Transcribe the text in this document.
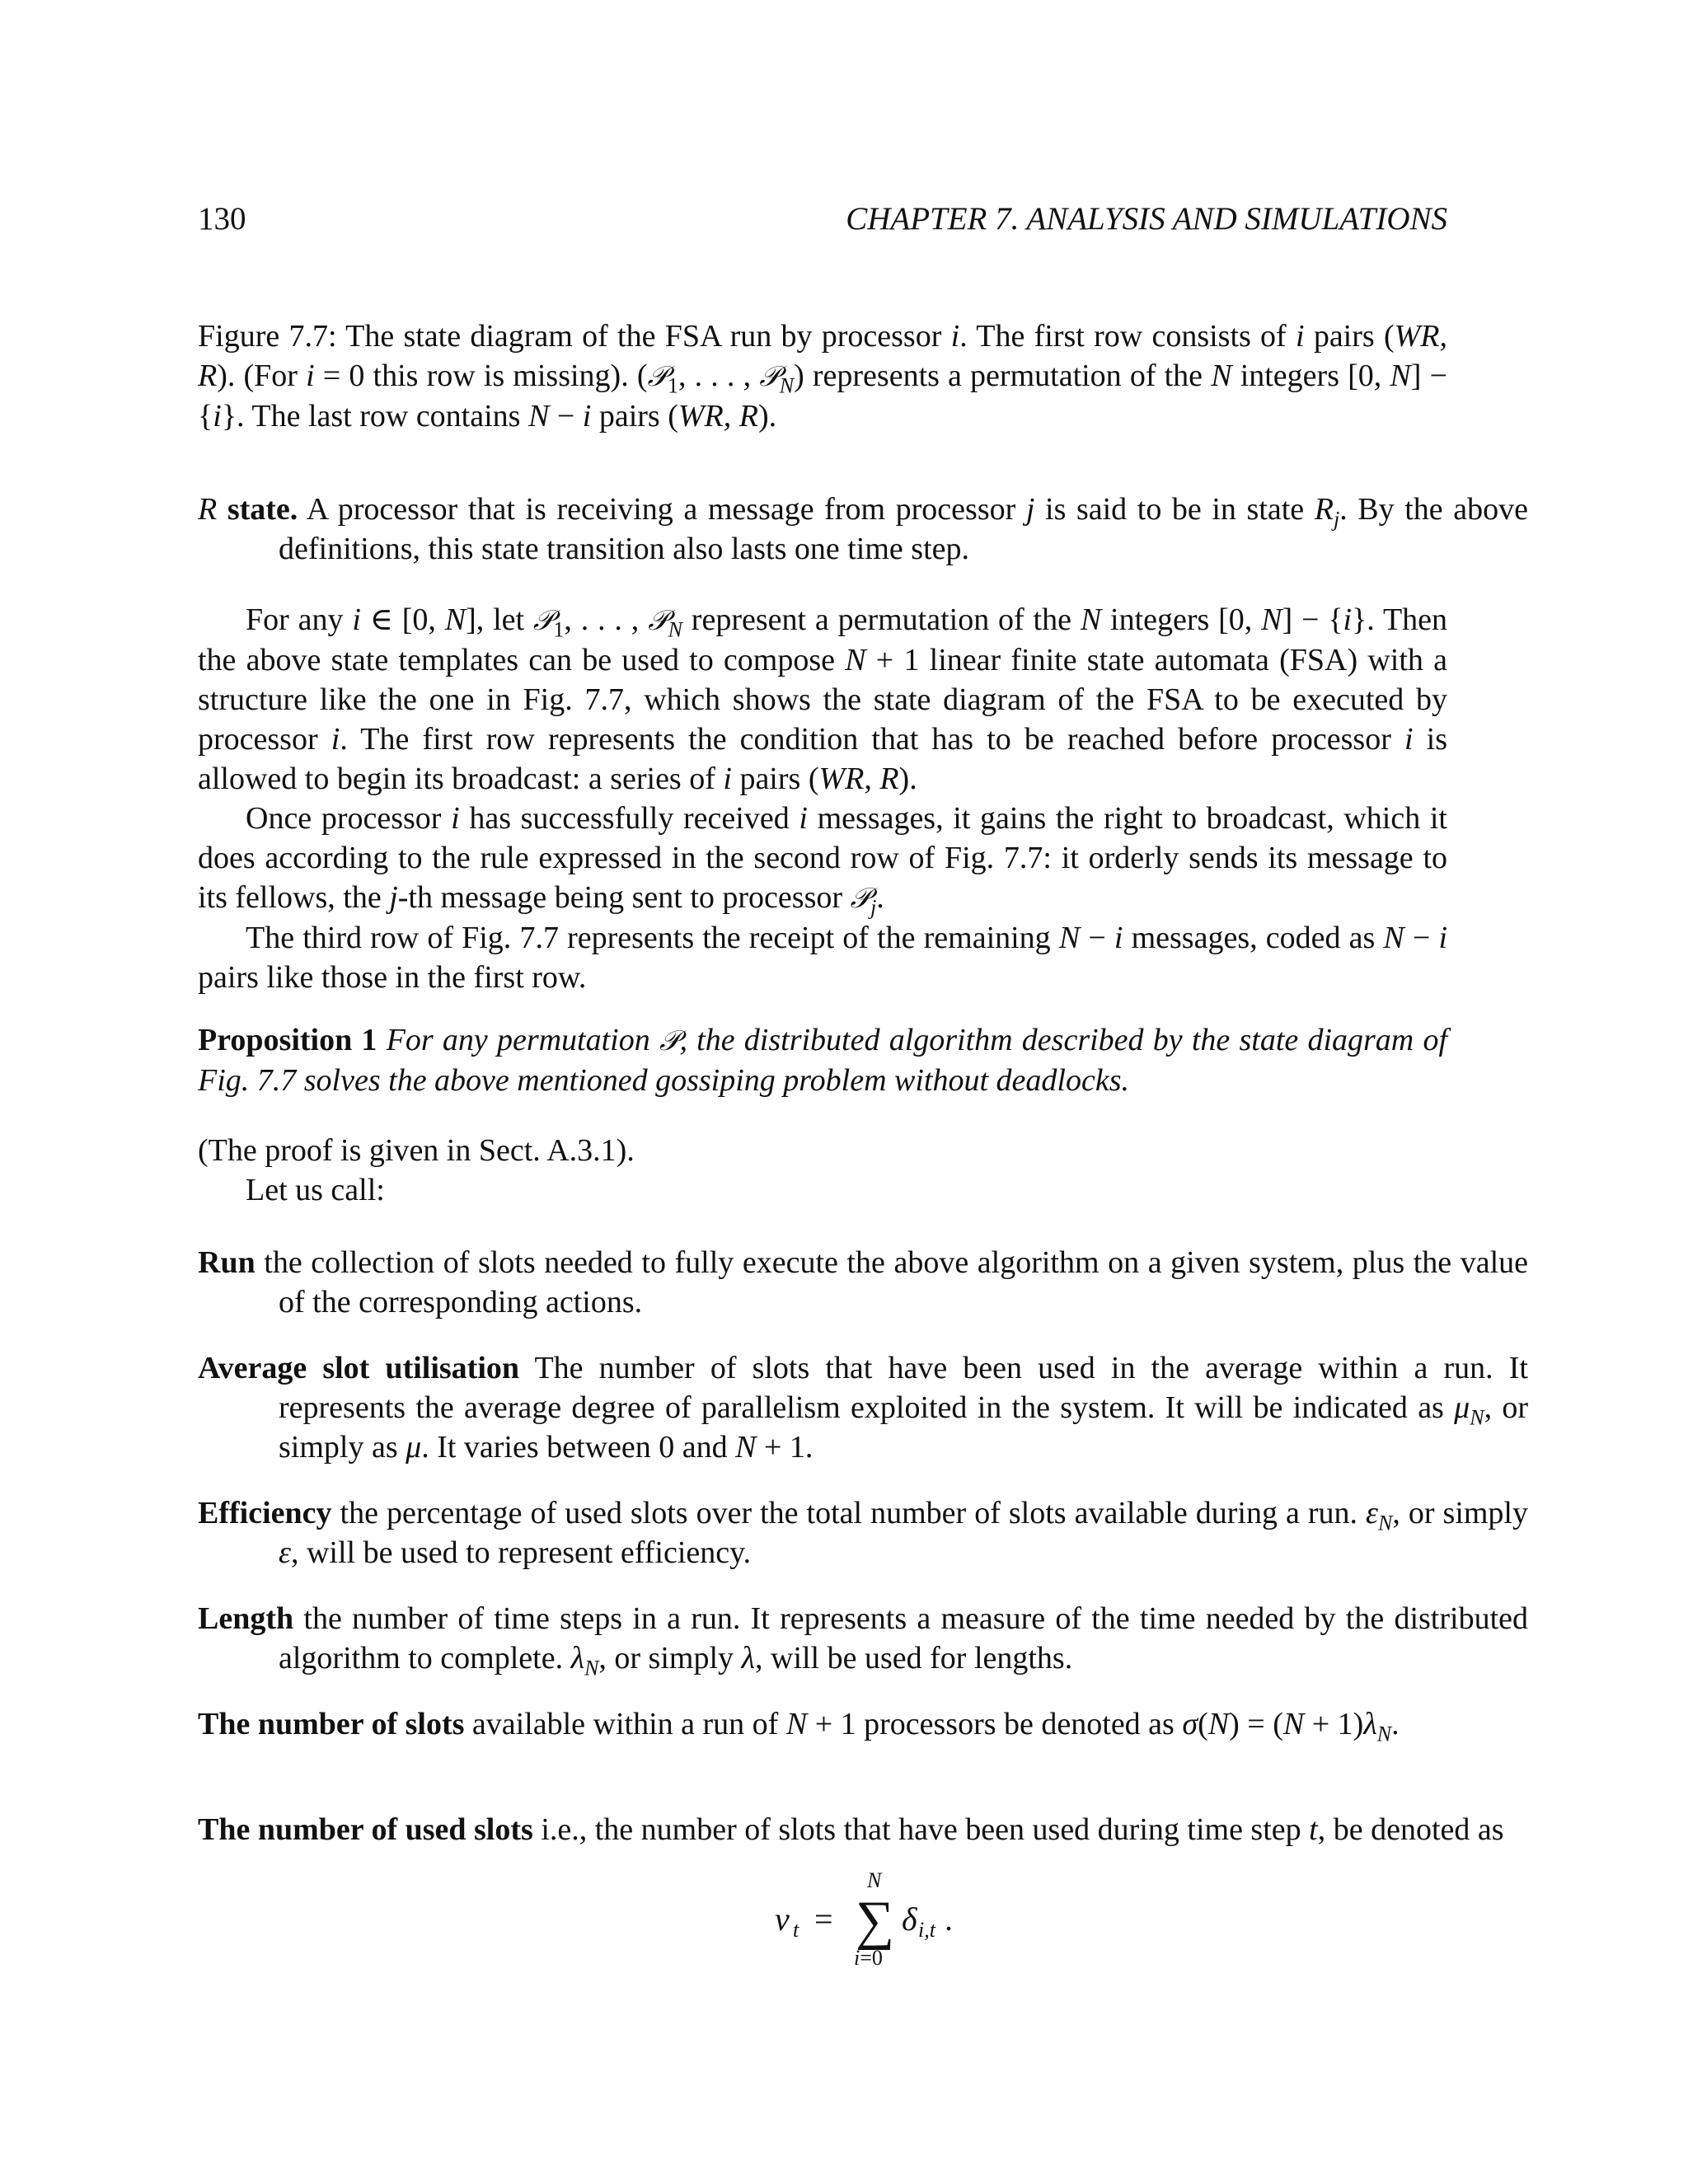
130	CHAPTER 7. ANALYSIS AND SIMULATIONS

Figure 7.7: The state diagram of the FSA run by processor i. The first row consists of i pairs (WR, R). (For i = 0 this row is missing). (𝒫$_1$, . . . , 𝒫$_N$) represents a permutation of the N integers [0, N] − {i}. The last row contains N − i pairs (WR, R).

R state. A processor that is receiving a message from processor j is said to be in state $R_j$. By the above definitions, this state transition also lasts one time step.

For any i ∈ [0, N], let 𝒫$_1$, . . . , 𝒫$_N$ represent a permutation of the N integers [0, N] − {i}. Then the above state templates can be used to compose N + 1 linear finite state automata (FSA) with a structure like the one in Fig. 7.7, which shows the state diagram of the FSA to be executed by processor i. The first row represents the condition that has to be reached before processor i is allowed to begin its broadcast: a series of i pairs (WR, R).

Once processor i has successfully received i messages, it gains the right to broadcast, which it does according to the rule expressed in the second row of Fig. 7.7: it orderly sends its message to its fellows, the j-th message being sent to processor 𝒫$_j$.

The third row of Fig. 7.7 represents the receipt of the remaining N − i messages, coded as N − i pairs like those in the first row.

Proposition 1 For any permutation 𝒫, the distributed algorithm described by the state diagram of Fig. 7.7 solves the above mentioned gossiping problem without deadlocks.

(The proof is given in Sect. A.3.1).

Let us call:

Run the collection of slots needed to fully execute the above algorithm on a given system, plus the value of the corresponding actions.
Average slot utilisation The number of slots that have been used in the average within a run. It represents the average degree of parallelism exploited in the system. It will be indicated as $\mu_N$, or simply as μ. It varies between 0 and N + 1.
Efficiency the percentage of used slots over the total number of slots available during a run. $\varepsilon_N$, or simply ε, will be used to represent efficiency.
Length the number of time steps in a run. It represents a measure of the time needed by the distributed algorithm to complete. $\lambda_N$, or simply λ, will be used for lengths.
The number of slots available within a run of N + 1 processors be denoted as $\sigma(N) = (N + 1)\lambda_N$.
The number of used slots i.e., the number of slots that have been used during time step t, be denoted as
ν t = ∑
N
i=0
δ i,t .
